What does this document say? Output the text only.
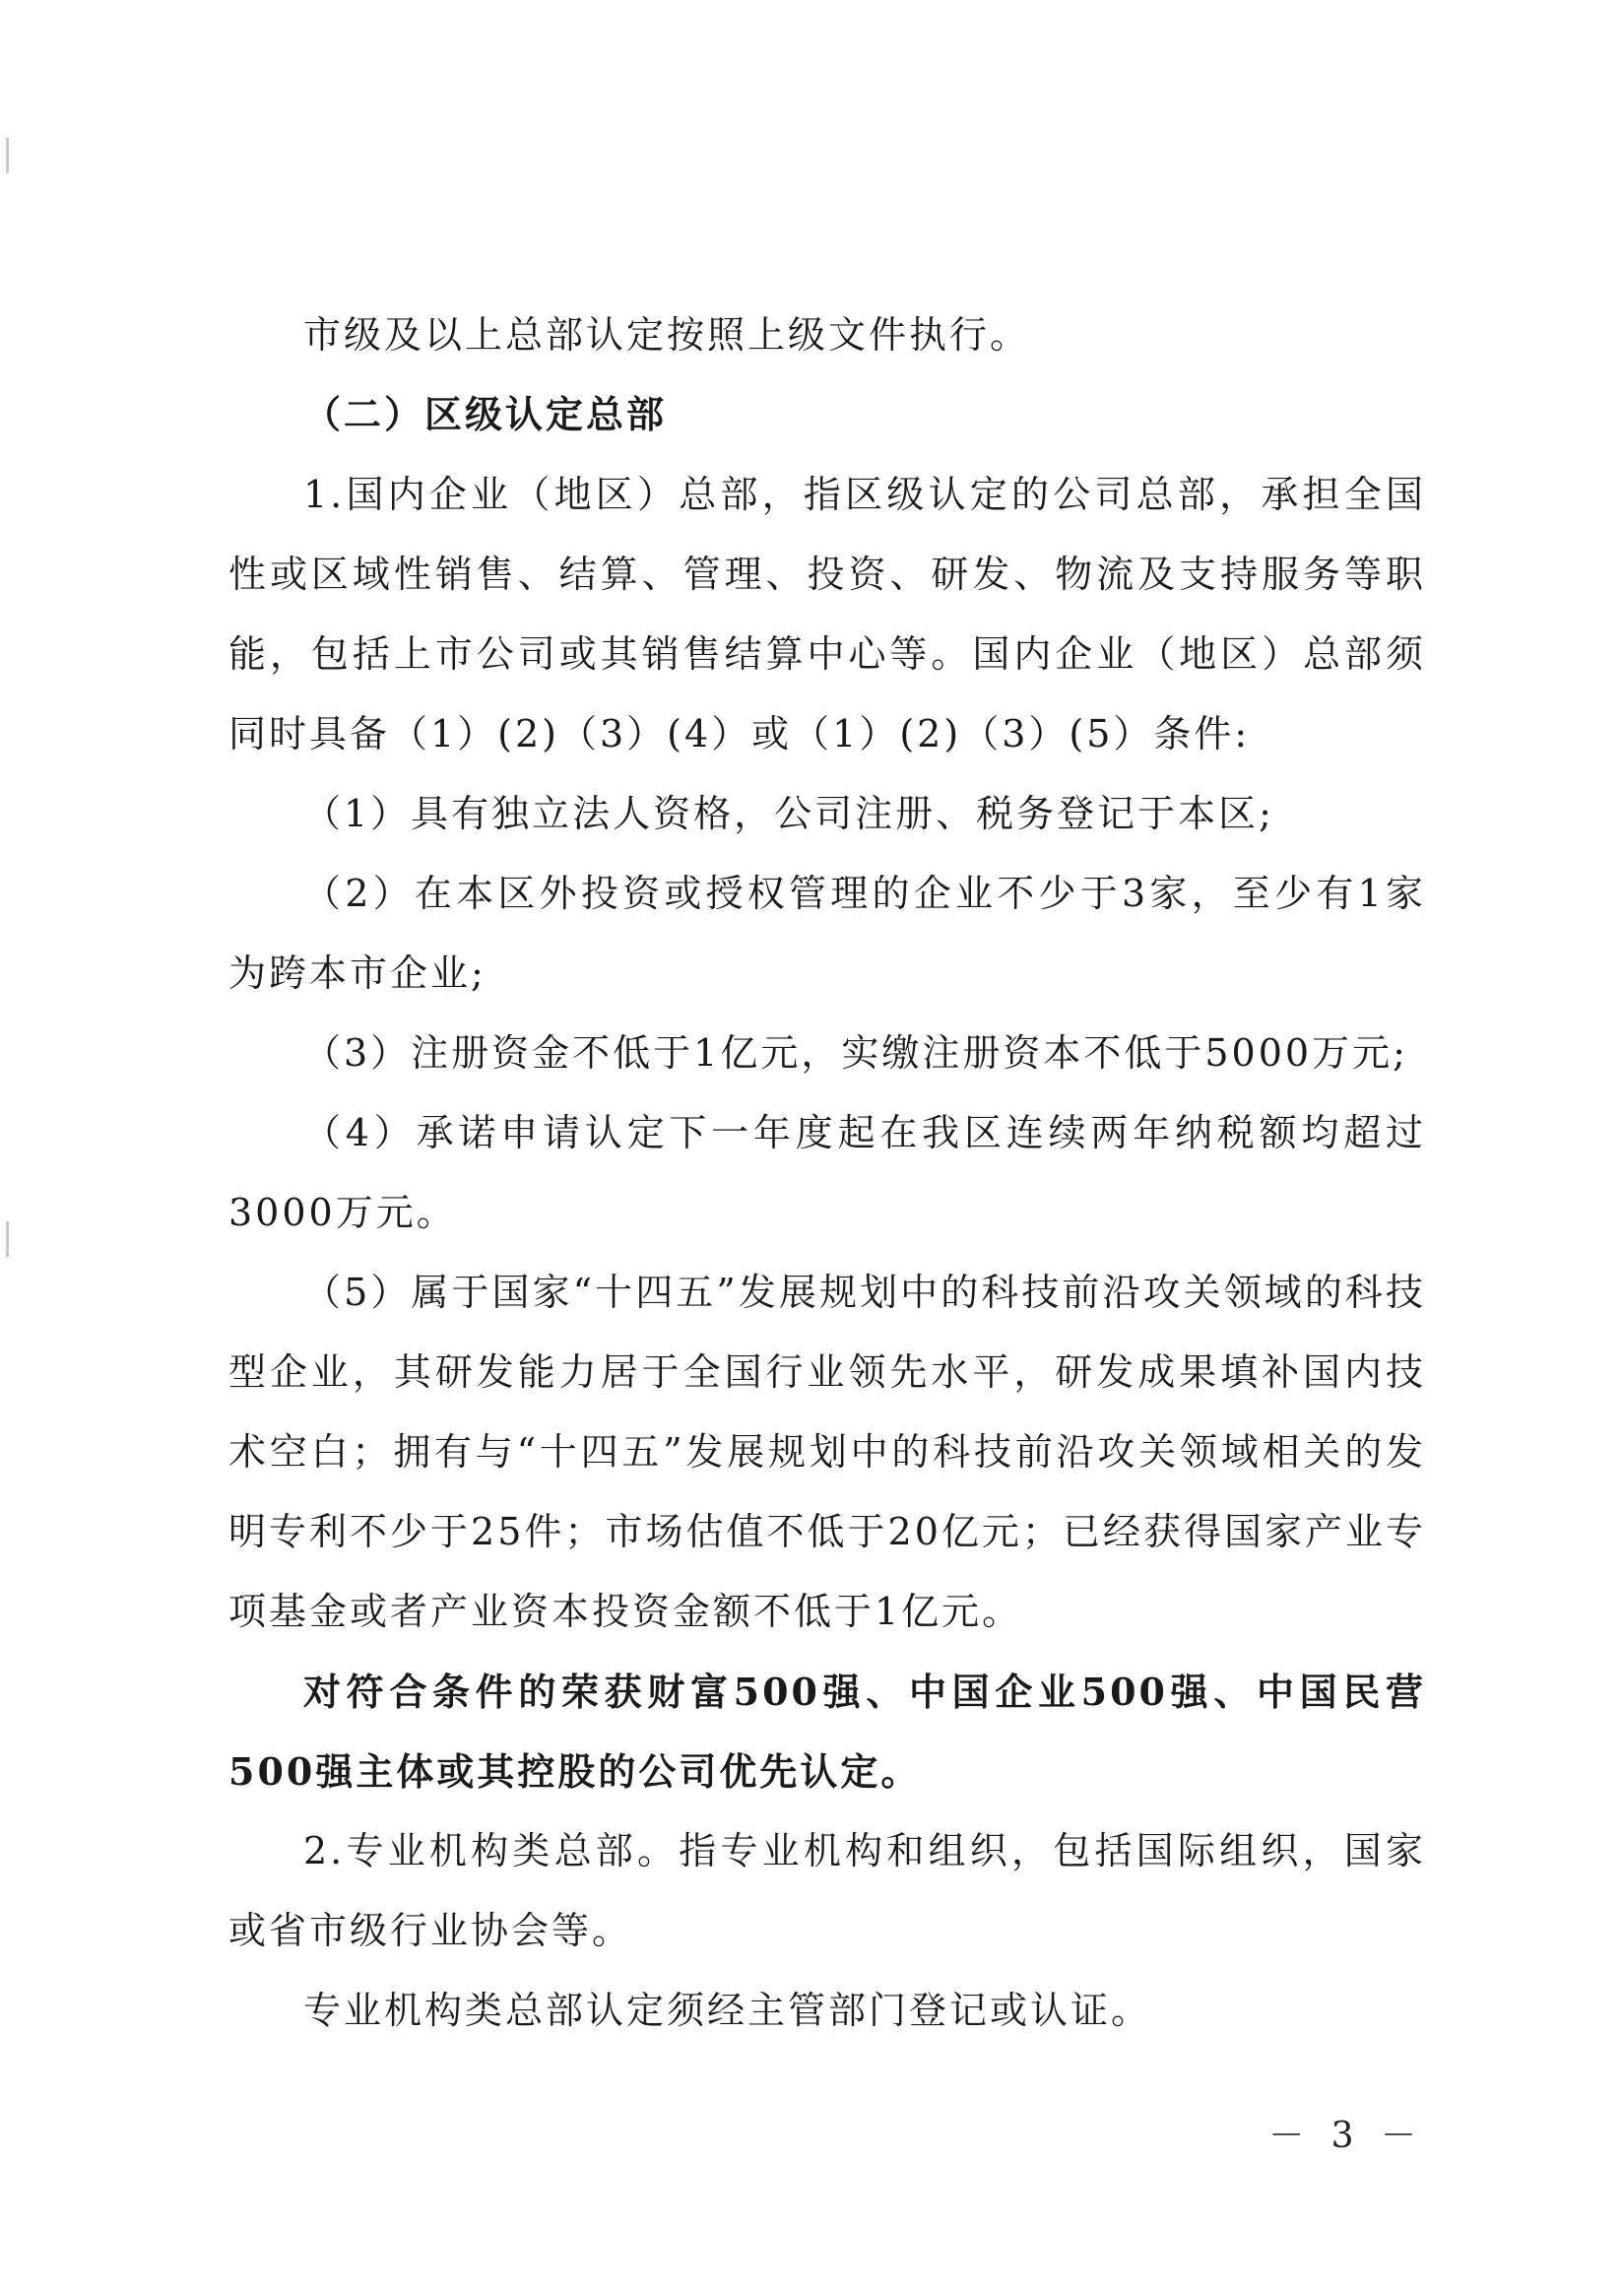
市级及以上总部认定按照上级文件执行。

（二）区级认定总部

1.国内企业（地区）总部，指区级认定的公司总部，承担全国性或区域性销售、结算、管理、投资、研发、物流及支持服务等职能，包括上市公司或其销售结算中心等。国内企业（地区）总部须同时具备（1）(2)（3）(4）或（1）(2)（3）(5）条件:

（1）具有独立法人资格，公司注册、税务登记于本区;

（2）在本区外投资或授权管理的企业不少于3家，至少有1家为跨本市企业;

（3）注册资金不低于1亿元，实缴注册资本不低于5000万元;

（4）承诺申请认定下一年度起在我区连续两年纳税额均超过3000万元。

（5）属于国家“十四五”发展规划中的科技前沿攻关领域的科技型企业，其研发能力居于全国行业领先水平，研发成果填补国内技术空白；拥有与“十四五”发展规划中的科技前沿攻关领域相关的发明专利不少于25件；市场估值不低于20亿元；已经获得国家产业专项基金或者产业资本投资金额不低于1亿元。

对符合条件的荣获财富500强、中国企业500强、中国民营500强主体或其控股的公司优先认定。

2.专业机构类总部。指专业机构和组织，包括国际组织，国家或省市级行业协会等。

专业机构类总部认定须经主管部门登记或认证。

－ 3 －
